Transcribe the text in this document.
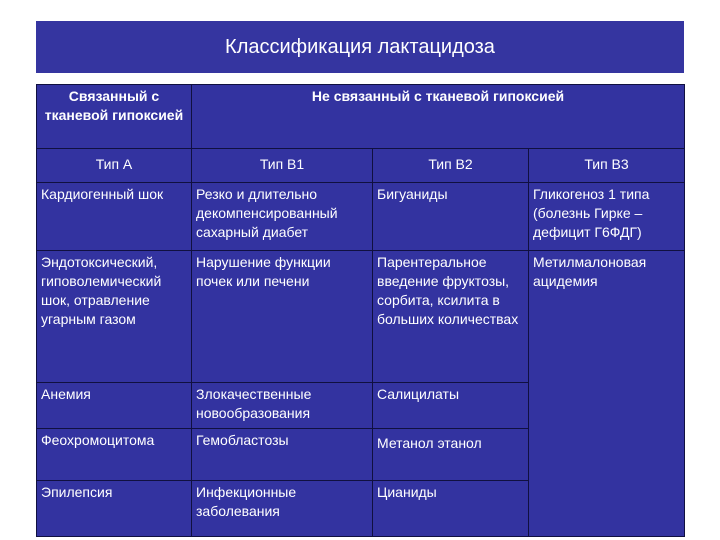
Классификация лактацидоза
Связанный с тканевой гипоксией	Не связанный с тканевой гипоксией		
Тип А	Тип В1	Тип В2	Тип В3
Кардиогенный шок	Резко и длительно декомпенсированный сахарный диабет	Бигуаниды	Гликогеноз 1 типа (болезнь Гирке – дефицит Г6ФДГ)
Эндотоксический, гиповолемический шок, отравление угарным газом	Нарушение функции почек или печени	Парентеральное введение фруктозы, сорбита, ксилита в больших количествах	Метилмалоновая ацидемия
Анемия	Злокачественные новообразования	Салицилаты	
Феохромоцитома	Гемобластозы	Метанол этанол	
Эпилепсия	Инфекционные заболевания	Цианиды	
